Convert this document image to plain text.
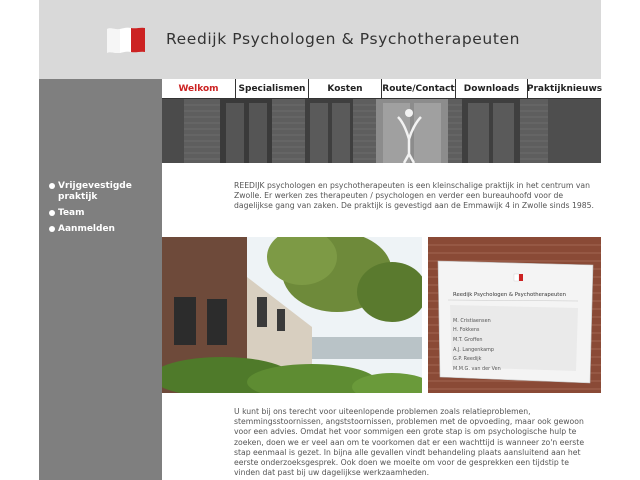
Reedijk Psychologen & Psychotherapeuten
Vrijgevestigde praktijk
Team
Aanmelden
Welkom	Specialismen	Kosten	Route/Contact	Downloads Praktijknieuws

REEDIJK psychologen en psychotherapeuten is een kleinschalige praktijk in het centrum van Zwolle. Er werken zes therapeuten / psychologen en verder een bureauhoofd voor de dagelijkse gang van zaken. De praktijk is gevestigd aan de Emmawijk 4 in Zwolle sinds 1985.

Reedijk Psychologen & Psychotherapeuten
M. Cristiaensen
H. Fokkens
M.T. Groffen
A.J. Langenkamp
G.P. Reedijk
M.M.G. van der Ven

U kunt bij ons terecht voor uiteenlopende problemen zoals relatieproblemen, stemmingsstoornissen, angststoornissen, problemen met de opvoeding, maar ook gewoon voor een advies. Omdat het voor sommigen een grote stap is om psychologische hulp te zoeken, doen we er veel aan om te voorkomen dat er een wachttijd is wanneer zo'n eerste stap eenmaal is gezet. In bijna alle gevallen vindt behandeling plaats aansluitend aan het eerste onderzoeksgesprek. Ook doen we moeite om voor de gesprekken een tijdstip te vinden dat past bij uw dagelijkse werkzaamheden.
